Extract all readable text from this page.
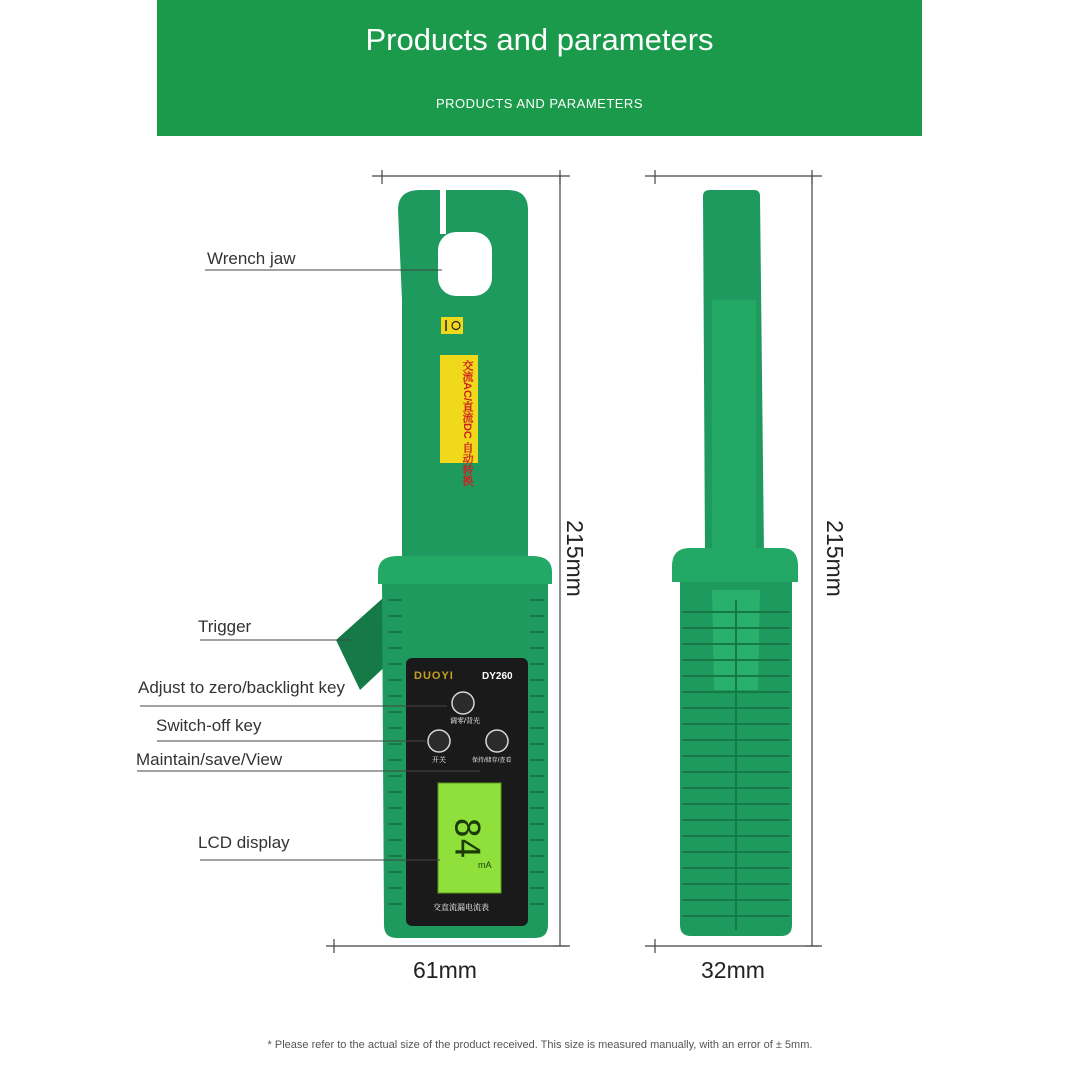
Products and parameters
PRODUCTS AND PARAMETERS
DUOYI	DY260
交流AC/直流DC 自动转换
调零/背光
开关	保持/储存/查看
84
mA
交直流漏电流表
Wrench jaw
Trigger
Adjust to zero/backlight key
Switch-off key
Maintain/save/View
LCD display
215mm
61mm
215mm
32mm
* Please refer to the actual size of the product received. This size is measured manually, with an error of ± 5mm.
